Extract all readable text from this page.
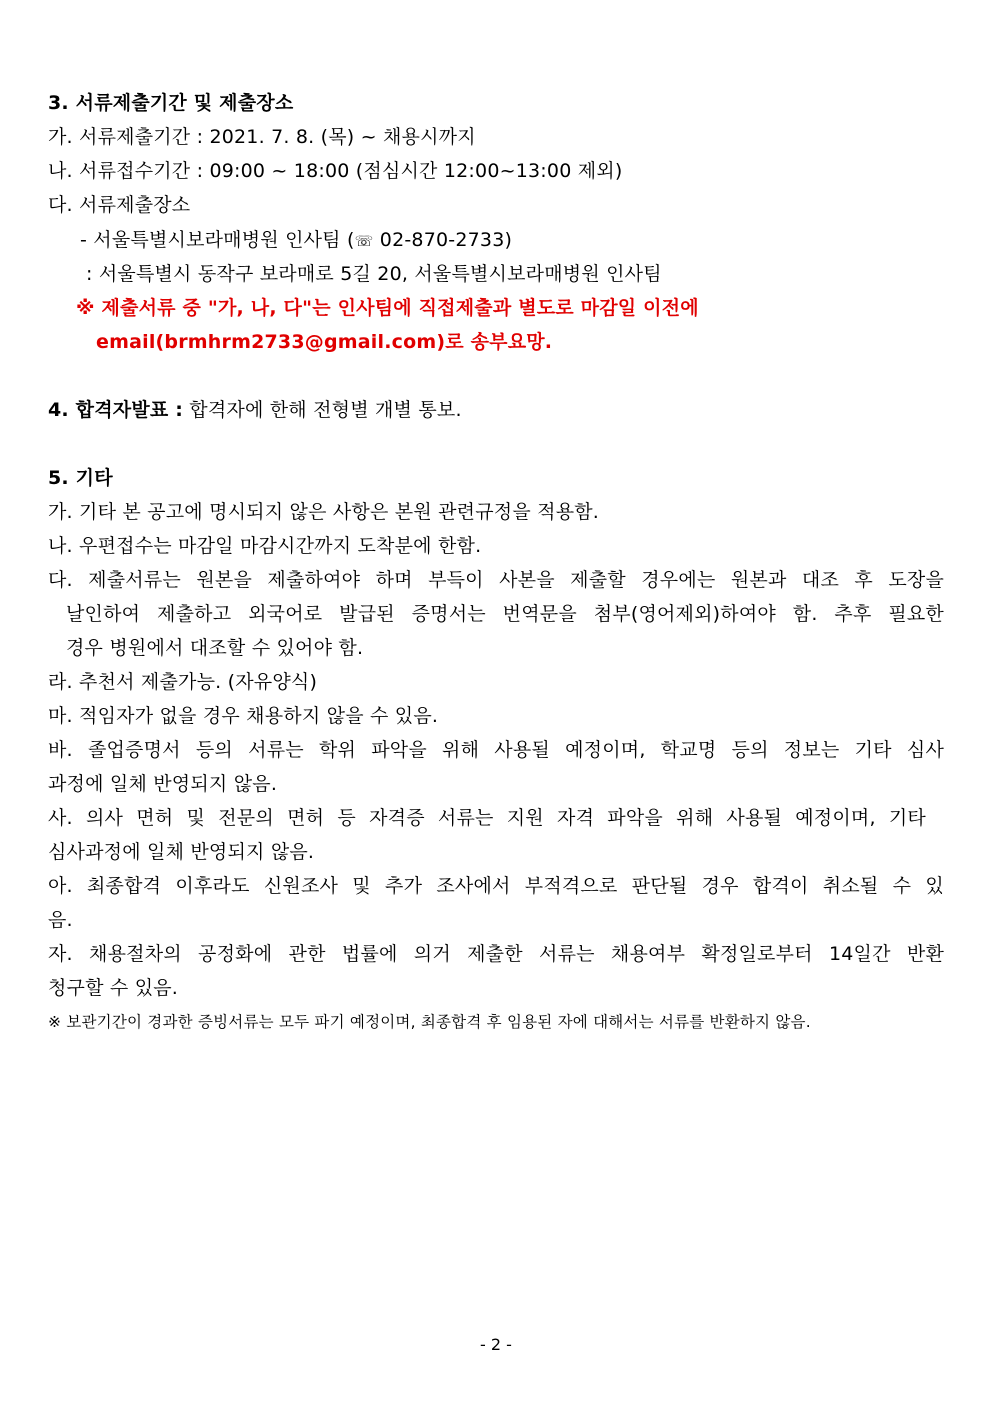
3. 서류제출기간 및 제출장소
가. 서류제출기간 : 2021. 7. 8. (목) ~ 채용시까지
나. 서류접수기간 : 09:00 ~ 18:00 (점심시간 12:00~13:00 제외)
다. 서류제출장소
- 서울특별시보라매병원 인사팀 (☏ 02-870-2733)
: 서울특별시 동작구 보라매로 5길 20, 서울특별시보라매병원 인사팀
※ 제출서류 중 "가, 나, 다"는 인사팀에 직접제출과 별도로 마감일 이전에
email(brmhrm2733@gmail.com)로 송부요망.
4. 합격자발표 : 합격자에 한해 전형별 개별 통보.
5. 기타
가. 기타 본 공고에 명시되지 않은 사항은 본원 관련규정을 적용함.
나. 우편접수는 마감일 마감시간까지 도착분에 한함.
다. 제출서류는 원본을 제출하여야 하며 부득이 사본을 제출할 경우에는 원본과 대조 후 도장을
날인하여 제출하고 외국어로 발급된 증명서는 번역문을 첨부(영어제외)하여야 함. 추후 필요한
경우 병원에서 대조할 수 있어야 함.
라. 추천서 제출가능. (자유양식)
마. 적임자가 없을 경우 채용하지 않을 수 있음.
바. 졸업증명서 등의 서류는 학위 파악을 위해 사용될 예정이며, 학교명 등의 정보는 기타 심사
과정에 일체 반영되지 않음.
사. 의사 면허 및 전문의 면허 등 자격증 서류는 지원 자격 파악을 위해 사용될 예정이며, 기타
심사과정에 일체 반영되지 않음.
아. 최종합격 이후라도 신원조사 및 추가 조사에서 부적격으로 판단될 경우 합격이 취소될 수 있
음.
자. 채용절차의 공정화에 관한 법률에 의거 제출한 서류는 채용여부 확정일로부터 14일간 반환
청구할 수 있음.
※ 보관기간이 경과한 증빙서류는 모두 파기 예정이며, 최종합격 후 임용된 자에 대해서는 서류를 반환하지 않음.
- 2 -
